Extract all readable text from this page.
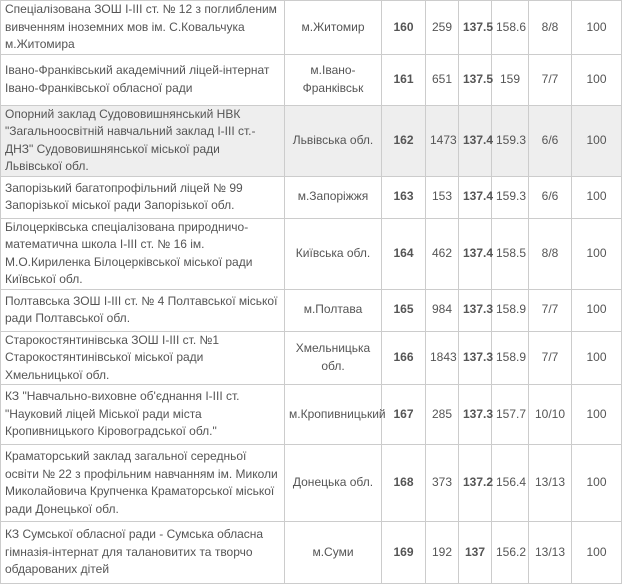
Спеціалізована ЗОШ І-ІІІ ст. № 12 з поглибленим вивченням іноземних мов ім. С.Ковальчука м.Житомира	м.Житомир	160	259	137.5	158.6	8/8	100
Івано-Франківський академічний ліцей-інтернат Івано-Франківської обласної ради	м.Івано-Франківськ	161	651	137.5	159	7/7	100
Опорний заклад Судововишнянський НВК "Загальноосвітній навчальний заклад І-ІІІ ст.-ДНЗ" Судововишнянської міської ради Львівської обл.	Львівська обл.	162	1473	137.4	159.3	6/6	100
Запорізький багатопрофільний ліцей № 99 Запорізької міської ради Запорізької обл.	м.Запоріжжя	163	153	137.4	159.3	6/6	100
Білоцерківська спеціалізована природничо-математична школа І-ІІІ ст. № 16 ім. М.О.Кириленка Білоцерківської міської ради Київської обл.	Київська обл.	164	462	137.4	158.5	8/8	100
Полтавська ЗОШ І-ІІІ ст. № 4 Полтавської міської ради Полтавської обл.	м.Полтава	165	984	137.3	158.9	7/7	100
Старокостянтинівська ЗОШ І-ІІІ ст. №1 Старокостянтинівської міської ради Хмельницької обл.	Хмельницька обл.	166	1843	137.3	158.9	7/7	100
КЗ "Навчально-виховне об'єднання І-ІІІ ст. "Науковий ліцей Міської ради міста Кропивницького Кіровоградської обл."	м.Кропивницький	167	285	137.3	157.7	10/10	100
Краматорський заклад загальної середньої освіти № 22 з профільним навчанням ім. Миколи Миколайовича Крупченка Краматорської міської ради Донецької обл.	Донецька обл.	168	373	137.2	156.4	13/13	100
КЗ Сумської обласної ради - Сумська обласна гімназія-інтернат для талановитих та творчо обдарованих дітей	м.Суми	169	192	137	156.2	13/13	100
